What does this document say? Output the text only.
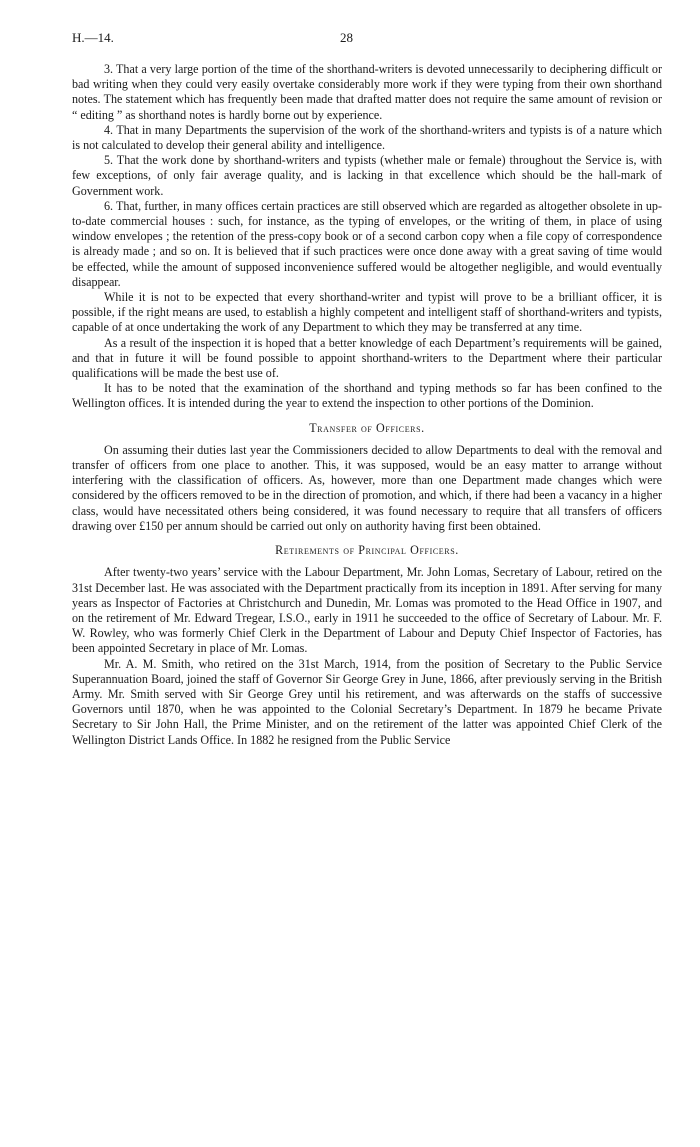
H.—14.	28

3. That a very large portion of the time of the shorthand-writers is devoted unnecessarily to deciphering difficult or bad writing when they could very easily overtake considerably more work if they were typing from their own shorthand notes. The statement which has frequently been made that drafted matter does not require the same amount of revision or “ editing ” as shorthand notes is hardly borne out by experience.

4. That in many Departments the supervision of the work of the shorthand-writers and typists is of a nature which is not calculated to develop their general ability and intelligence.

5. That the work done by shorthand-writers and typists (whether male or female) throughout the Service is, with few exceptions, of only fair average quality, and is lacking in that excellence which should be the hall-mark of Government work.

6. That, further, in many offices certain practices are still observed which are regarded as altogether obsolete in up-to-date commercial houses : such, for instance, as the typing of envelopes, or the writing of them, in place of using window envelopes ; the retention of the press-copy book or of a second carbon copy when a file copy of correspondence is already made ; and so on. It is believed that if such practices were once done away with a great saving of time would be effected, while the amount of supposed inconvenience suffered would be altogether negligible, and would eventually disappear.

While it is not to be expected that every shorthand-writer and typist will prove to be a brilliant officer, it is possible, if the right means are used, to establish a highly competent and intelligent staff of shorthand-writers and typists, capable of at once undertaking the work of any Department to which they may be transferred at any time.

As a result of the inspection it is hoped that a better knowledge of each Department’s requirements will be gained, and that in future it will be found possible to appoint shorthand-writers to the Department where their particular qualifications will be made the best use of.

It has to be noted that the examination of the shorthand and typing methods so far has been confined to the Wellington offices. It is intended during the year to extend the inspection to other portions of the Dominion.

Transfer of Officers.

On assuming their duties last year the Commissioners decided to allow Departments to deal with the removal and transfer of officers from one place to another. This, it was supposed, would be an easy matter to arrange without interfering with the classification of officers. As, however, more than one Department made changes which were considered by the officers removed to be in the direction of promotion, and which, if there had been a vacancy in a higher class, would have necessitated others being considered, it was found necessary to require that all transfers of officers drawing over £150 per annum should be carried out only on authority having first been obtained.

Retirements of Principal Officers.

After twenty-two years’ service with the Labour Department, Mr. John Lomas, Secretary of Labour, retired on the 31st December last. He was associated with the Department practically from its inception in 1891. After serving for many years as Inspector of Factories at Christchurch and Dunedin, Mr. Lomas was promoted to the Head Office in 1907, and on the retirement of Mr. Edward Tregear, I.S.O., early in 1911 he succeeded to the office of Secretary of Labour. Mr. F. W. Rowley, who was formerly Chief Clerk in the Department of Labour and Deputy Chief Inspector of Factories, has been appointed Secretary in place of Mr. Lomas.

Mr. A. M. Smith, who retired on the 31st March, 1914, from the position of Secretary to the Public Service Superannuation Board, joined the staff of Governor Sir George Grey in June, 1866, after previously serving in the British Army. Mr. Smith served with Sir George Grey until his retirement, and was afterwards on the staffs of successive Governors until 1870, when he was appointed to the Colonial Secretary’s Department. In 1879 he became Private Secretary to Sir John Hall, the Prime Minister, and on the retirement of the latter was appointed Chief Clerk of the Wellington District Lands Office. In 1882 he resigned from the Public Service
